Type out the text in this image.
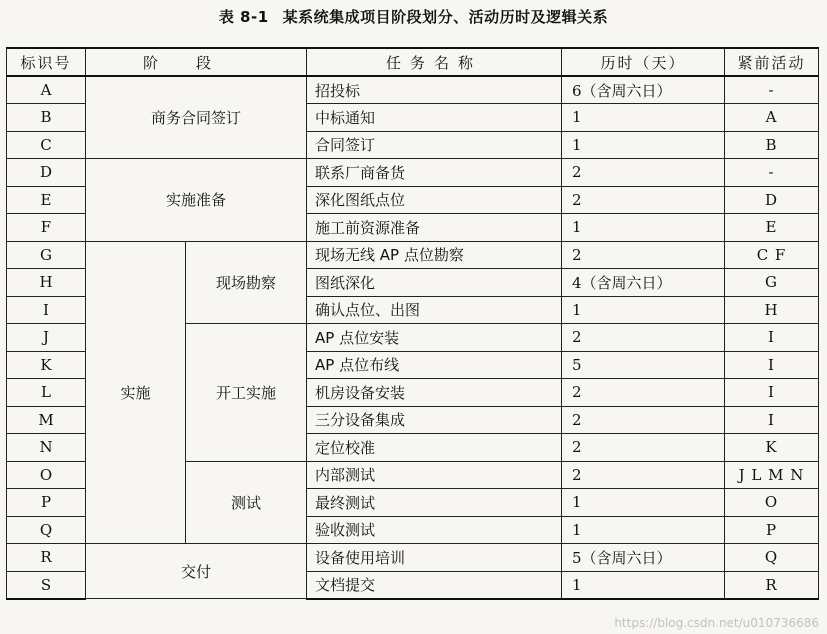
表 8-1 某系统集成项目阶段划分、活动历时及逻辑关系
标识号	阶段		任务名称	历时（天）	紧前活动
A	商务合同签订		招投标	6（含周六日）	-
B			中标通知	1	A
C			合同签订	1	B
D	实施准备		联系厂商备货	2	-
E			深化图纸点位	2	D
F			施工前资源准备	1	E
G	实施	现场勘察	现场无线 AP 点位勘察	2	C F
H			图纸深化	4（含周六日）	G
I			确认点位、出图	1	H
J		开工实施	AP 点位安装	2	I
K			AP 点位布线	5	I
L			机房设备安装	2	I
M			三分设备集成	2	I
N			定位校准	2	K
O		测试	内部测试	2	J L M N
P			最终测试	1	O
Q			验收测试	1	P
R	交付		设备使用培训	5（含周六日）	Q
S			文档提交	1	R
https://blog.csdn.net/u010736686
